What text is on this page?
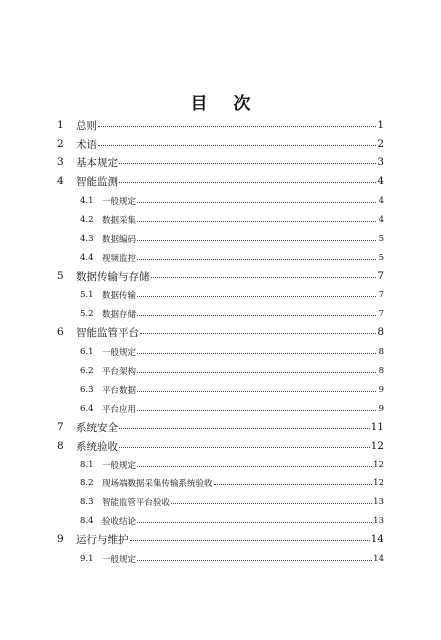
目 次
1 总则	1
2 术语	2
3 基本规定	3
4 智能监测	4
4.1 一般规定	4
4.2 数据采集	4
4.3 数据编码	5
4.4 视频监控	5
5 数据传输与存储	7
5.1 数据传输	7
5.2 数据存储	7
6 智能监管平台	8
6.1 一般规定	8
6.2 平台架构	8
6.3 平台数据	9
6.4 平台应用	9
7 系统安全	11
8 系统验收	12
8.1 一般规定	12
8.2 现场端数据采集传输系统验收	12
8.3 智能监管平台验收	13
8.4 验收结论	13
9 运行与维护	14
9.1 一般规定	14
